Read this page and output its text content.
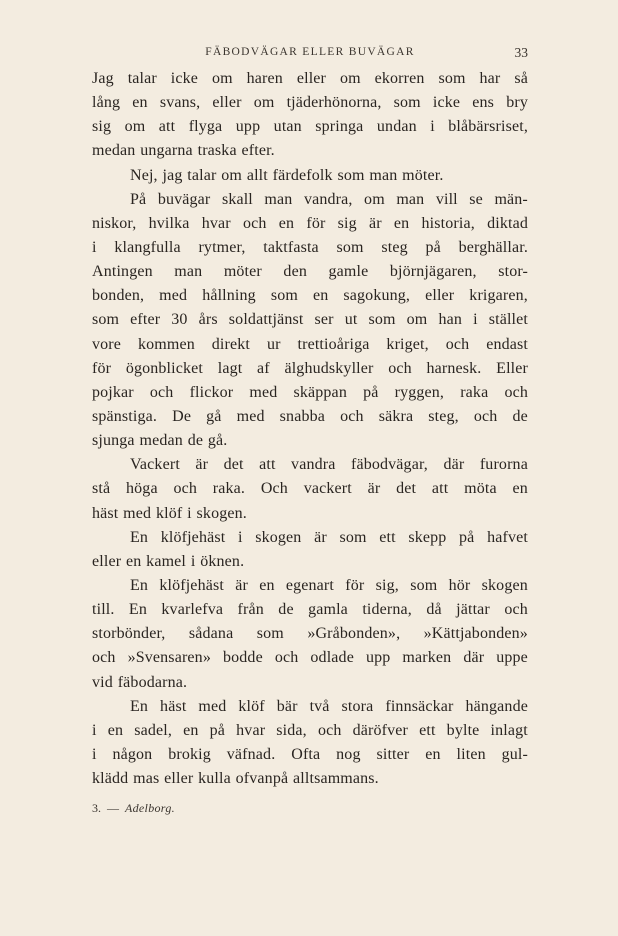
FÄBODVÄGAR ELLER BUVÄGAR	33
Jag talar icke om haren eller om ekorren som har så
lång en svans, eller om tjäderhönorna, som icke ens bry
sig om att flyga upp utan springa undan i blåbärsriset,
medan ungarna traska efter.
Nej, jag talar om allt färdefolk som man möter.
På buvägar skall man vandra, om man vill se män-
niskor, hvilka hvar och en för sig är en historia, diktad
i klangfulla rytmer, taktfasta som steg på berghällar.
Antingen man möter den gamle björnjägaren, stor-
bonden, med hållning som en sagokung, eller krigaren,
som efter 30 års soldattjänst ser ut som om han i stället
vore kommen direkt ur trettioåriga kriget, och endast
för ögonblicket lagt af älghudskyller och harnesk. Eller
pojkar och flickor med skäppan på ryggen, raka och
spänstiga. De gå med snabba och säkra steg, och de
sjunga medan de gå.
Vackert är det att vandra fäbodvägar, där furorna
stå höga och raka. Och vackert är det att möta en
häst med klöf i skogen.
En klöfjehäst i skogen är som ett skepp på hafvet
eller en kamel i öknen.
En klöfjehäst är en egenart för sig, som hör skogen
till. En kvarlefva från de gamla tiderna, då jättar och
storbönder, sådana som »Gråbonden», »Kättjabonden»
och »Svensaren» bodde och odlade upp marken där uppe
vid fäbodarna.
En häst med klöf bär två stora finnsäckar hängande
i en sadel, en på hvar sida, och däröfver ett bylte inlagt
i någon brokig väfnad. Ofta nog sitter en liten gul-
klädd mas eller kulla ofvanpå alltsammans.
3. — Adelborg.
